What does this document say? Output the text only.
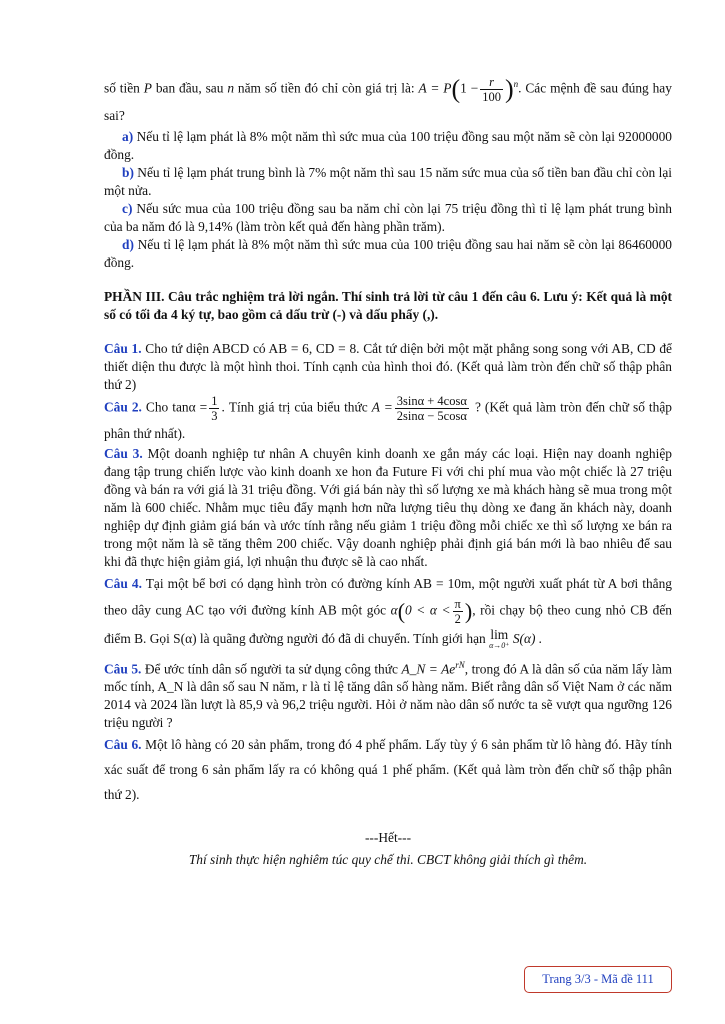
số tiền P ban đầu, sau n năm số tiền đó chỉ còn giá trị là: $A = P(1 - \frac{r}{100} )^n$. Các mệnh đề sau đúng hay sai?

a) Nếu tỉ lệ lạm phát là 8% một năm thì sức mua của 100 triệu đồng sau một năm sẽ còn lại 92000000 đồng.

b) Nếu tỉ lệ lạm phát trung bình là 7% một năm thì sau 15 năm sức mua của số tiền ban đầu chỉ còn lại một nửa.

c) Nếu sức mua của 100 triệu đồng sau ba năm chỉ còn lại 75 triệu đồng thì tỉ lệ lạm phát trung bình của ba năm đó là 9,14% (làm tròn kết quả đến hàng phần trăm).

d) Nếu tỉ lệ lạm phát là 8% một năm thì sức mua của 100 triệu đồng sau hai năm sẽ còn lại 86460000 đồng.

PHẦN III. Câu trắc nghiệm trả lời ngắn. Thí sinh trả lời từ câu 1 đến câu 6. Lưu ý: Kết quả là một số có tối đa 4 ký tự, bao gồm cả dấu trừ (-) và dấu phẩy (,).

Câu 1. Cho tứ diện ABCD có AB = 6, CD = 8. Cắt tứ diện bởi một mặt phẳng song song với AB, CD để thiết diện thu được là một hình thoi. Tính cạnh của hình thoi đó. (Kết quả làm tròn đến chữ số thập phân thứ 2)

Câu 2. Cho $\tan\alpha = \frac{1}{3}$ . Tính giá trị của biểu thức $A = \frac{3\sin\alpha + 4\cos\alpha}{2\sin\alpha - 5\cos\alpha}$ ? (Kết quả làm tròn đến chữ số thập phân thứ nhất).

Câu 3. Một doanh nghiệp tư nhân A chuyên kinh doanh xe gắn máy các loại. Hiện nay doanh nghiệp đang tập trung chiến lược vào kinh doanh xe hon đa Future Fi với chi phí mua vào một chiếc là 27 triệu đồng và bán ra với giá là 31 triệu đồng. Với giá bán này thì số lượng xe mà khách hàng sẽ mua trong một năm là 600 chiếc. Nhằm mục tiêu đẩy mạnh hơn nữa lượng tiêu thụ dòng xe đang ăn khách này, doanh nghiệp dự định giảm giá bán và ước tính rằng nếu giảm 1 triệu đồng mỗi chiếc xe thì số lượng xe bán ra trong một năm là sẽ tăng thêm 200 chiếc. Vậy doanh nghiệp phải định giá bán mới là bao nhiêu để sau khi đã thực hiện giảm giá, lợi nhuận thu được sẽ là cao nhất.

Câu 4. Tại một bể bơi có dạng hình tròn có đường kính AB = 10m, một người xuất phát từ A bơi thẳng theo dây cung AC tạo với đường kính AB một góc $\alpha(0 < \alpha < \frac{\pi}{2}$ ), rồi chạy bộ theo cung nhỏ CB đến điểm B. Gọi S(α) là quãng đường người đó đã di chuyển. Tính giới hạn lim
α→0⁺ S(α) .

Câu 5. Để ước tính dân số người ta sử dụng công thức A_N = $Ae^{rN}$, trong đó A là dân số của năm lấy làm mốc tính, A_N là dân số sau N năm, r là tỉ lệ tăng dân số hàng năm. Biết rằng dân số Việt Nam ở các năm 2014 và 2024 lần lượt là 85,9 và 96,2 triệu người. Hỏi ở năm nào dân số nước ta sẽ vượt qua ngưỡng 126 triệu người ?

Câu 6. Một lô hàng có 20 sản phẩm, trong đó 4 phế phẩm. Lấy tùy ý 6 sản phẩm từ lô hàng đó. Hãy tính xác suất để trong 6 sản phẩm lấy ra có không quá 1 phế phẩm. (Kết quả làm tròn đến chữ số thập phân thứ 2).

---Hết---

Thí sinh thực hiện nghiêm túc quy chế thi. CBCT không giải thích gì thêm.

Trang 3/3 - Mã đề 111
